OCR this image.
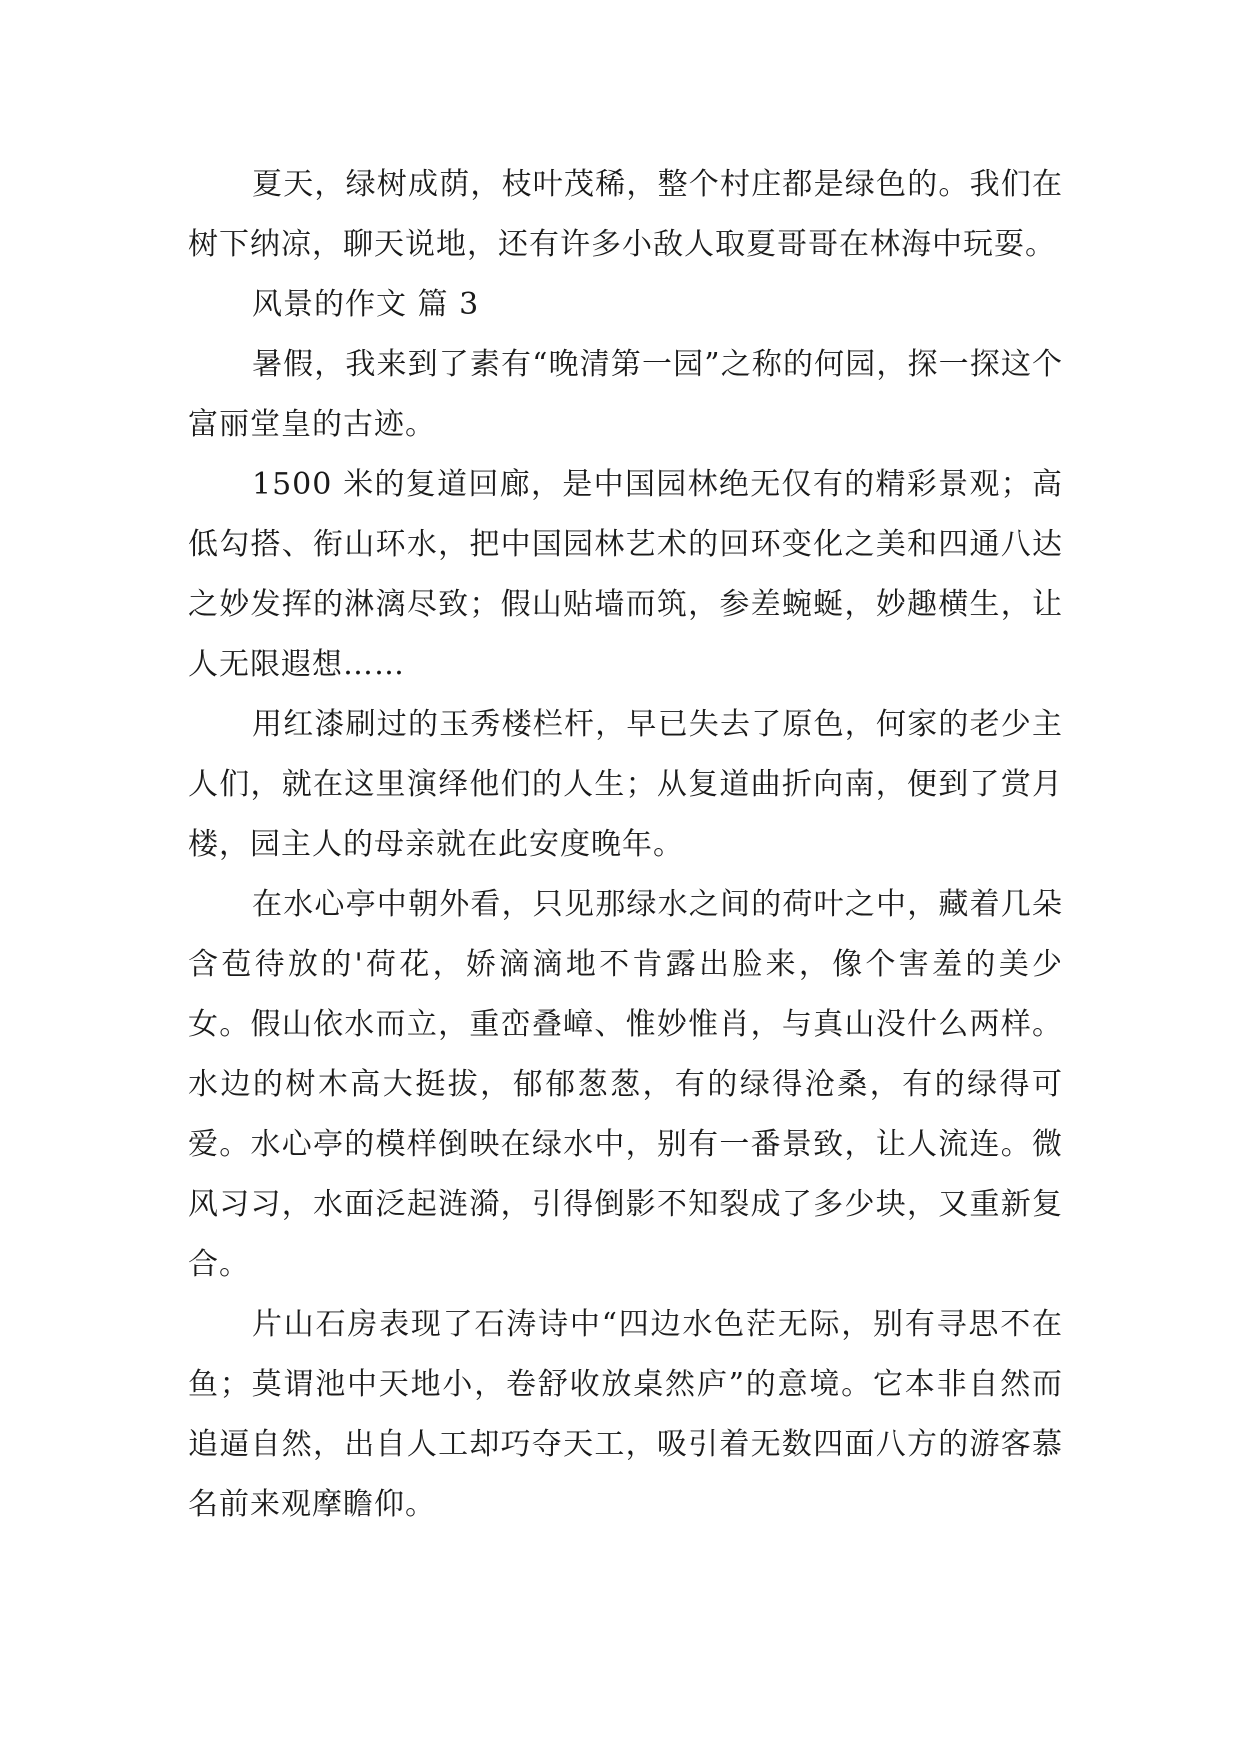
夏天，绿树成荫，枝叶茂稀，整个村庄都是绿色的。我们在树下纳凉，聊天说地，还有许多小敌人取夏哥哥在林海中玩耍。

风景的作文 篇 3

暑假，我来到了素有“晚清第一园”之称的何园，探一探这个富丽堂皇的古迹。

1500 米的复道回廊，是中国园林绝无仅有的精彩景观；高低勾搭、衔山环水，把中国园林艺术的回环变化之美和四通八达之妙发挥的淋漓尽致；假山贴墙而筑，参差蜿蜒，妙趣横生，让人无限遐想……

用红漆刷过的玉秀楼栏杆，早已失去了原色，何家的老少主人们，就在这里演绎他们的人生；从复道曲折向南，便到了赏月楼，园主人的母亲就在此安度晚年。

在水心亭中朝外看，只见那绿水之间的荷叶之中，藏着几朵含苞待放的'荷花，娇滴滴地不肯露出脸来，像个害羞的美少女。假山依水而立，重峦叠嶂、惟妙惟肖，与真山没什么两样。水边的树木高大挺拔，郁郁葱葱，有的绿得沧桑，有的绿得可爱。水心亭的模样倒映在绿水中，别有一番景致，让人流连。微风习习，水面泛起涟漪，引得倒影不知裂成了多少块，又重新复合。

片山石房表现了石涛诗中“四边水色茫无际，别有寻思不在鱼；莫谓池中天地小，卷舒收放桌然庐”的意境。它本非自然而追逼自然，出自人工却巧夺天工，吸引着无数四面八方的游客慕名前来观摩瞻仰。
